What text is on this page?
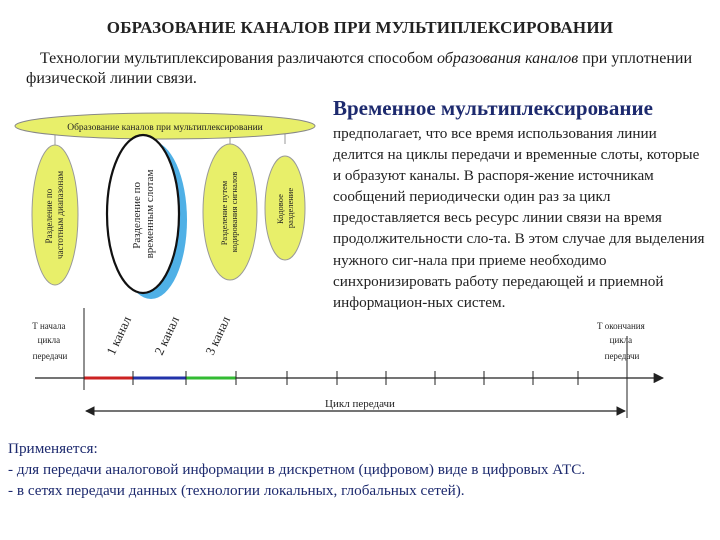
ОБРАЗОВАНИЕ КАНАЛОВ ПРИ МУЛЬТИПЛЕКСИРОВАНИИ
Технологии мультиплексирования различаются способом образования каналов при уплотнении физической линии связи.
Образование каналов при мультиплексировании
Разделение по частотным диапазонам	Разделение по временным слотам	Разделение путем кодирования сигналов	Кодовое разделение
1 канал 2 канал 3 канал
Т начала цикла передачи
Т окончания цикла передачи
Цикл передачи
Временное мультиплексирование
предполагает, что все время использования линии делится на циклы передачи и временные слоты, которые и образуют каналы. В распоря-жение источникам сообщений периодически один раз за цикл предоставляется весь ресурс линии связи на время продолжительности сло-та. В этом случае для выделения нужного сиг-нала при приеме необходимо синхронизировать работу передающей и приемной информацион-ных систем.
Применяется:
- для передачи аналоговой информации в дискретном (цифровом) виде в цифровых АТС.
- в сетях передачи данных (технологии локальных, глобальных сетей).
